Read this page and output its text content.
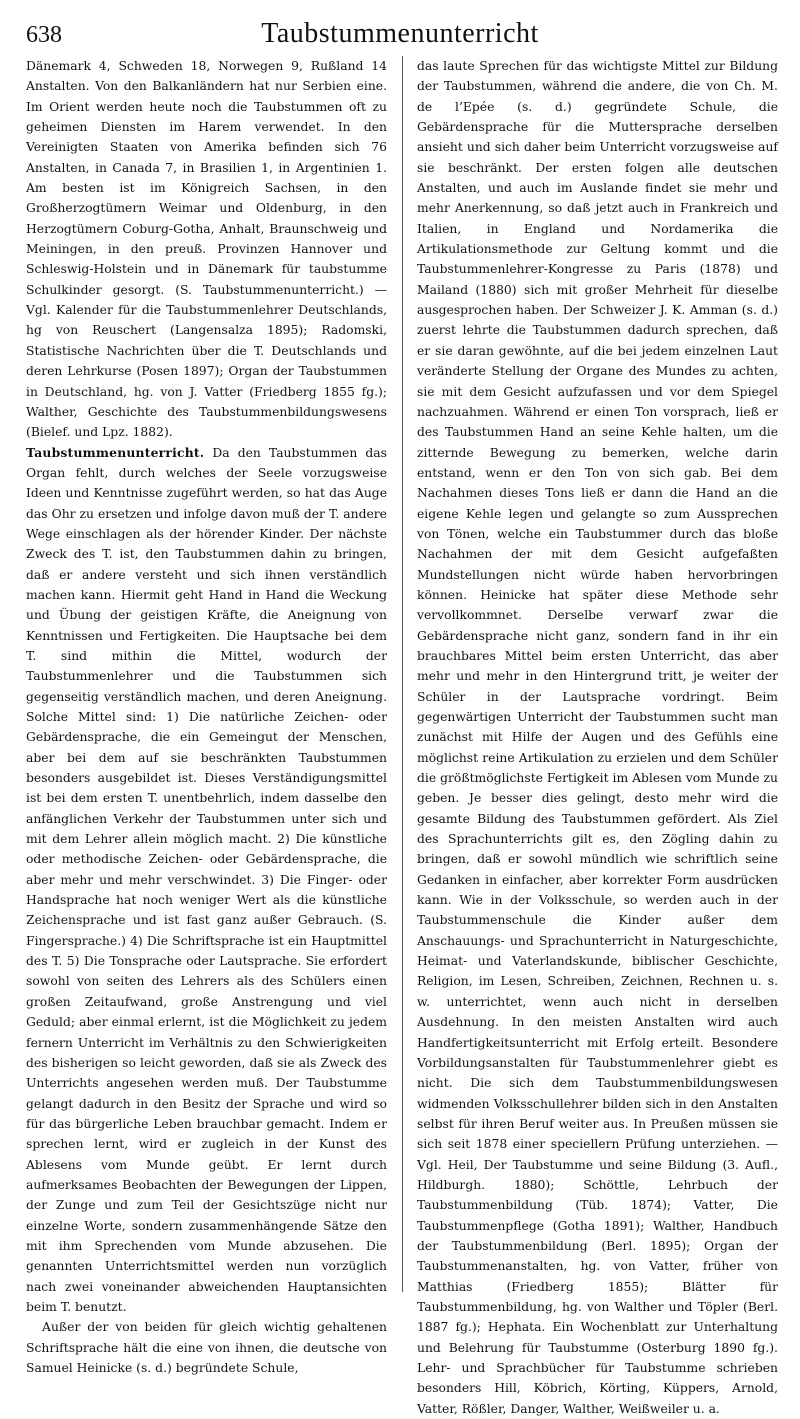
638	Taubstummenunterricht

Dänemark 4, Schweden 18, Norwegen 9, Rußland 14 Anstalten. Von den Balkanländern hat nur Serbien eine. Im Orient werden heute noch die Taubstummen oft zu geheimen Diensten im Harem verwendet. In den Vereinigten Staaten von Amerika befinden sich 76 Anstalten, in Canada 7, in Brasilien 1, in Argentinien 1. Am besten ist im Königreich Sachsen, in den Großherzogtümern Weimar und Oldenburg, in den Herzogtümern Coburg-Gotha, Anhalt, Braunschweig und Meiningen, in den preuß. Provinzen Hannover und Schleswig-Holstein und in Dänemark für taubstumme Schulkinder gesorgt. (S. Taubstummenunterricht.) — Vgl. Kalender für die Taubstummenlehrer Deutschlands, hg von Reuschert (Langensalza 1895); Radomski, Statistische Nachrichten über die T. Deutschlands und deren Lehrkurse (Posen 1897); Organ der Taubstummen in Deutschland, hg. von J. Vatter (Friedberg 1855 fg.); Walther, Geschichte des Taubstummenbildungswesens (Bielef. und Lpz. 1882).

Taubstummenunterricht. Da den Taubstummen das Organ fehlt, durch welches der Seele vorzugsweise Ideen und Kenntnisse zugeführt werden, so hat das Auge das Ohr zu ersetzen und infolge davon muß der T. andere Wege einschlagen als der hörender Kinder. Der nächste Zweck des T. ist, den Taubstummen dahin zu bringen, daß er andere versteht und sich ihnen verständlich machen kann. Hiermit geht Hand in Hand die Weckung und Übung der geistigen Kräfte, die Aneignung von Kenntnissen und Fertigkeiten. Die Hauptsache bei dem T. sind mithin die Mittel, wodurch der Taubstummenlehrer und die Taubstummen sich gegenseitig verständlich machen, und deren Aneignung. Solche Mittel sind: 1) Die natürliche Zeichen- oder Gebärdensprache, die ein Gemeingut der Menschen, aber bei dem auf sie beschränkten Taubstummen besonders ausgebildet ist. Dieses Verständigungsmittel ist bei dem ersten T. unentbehrlich, indem dasselbe den anfänglichen Verkehr der Taubstummen unter sich und mit dem Lehrer allein möglich macht. 2) Die künstliche oder methodische Zeichen- oder Gebärdensprache, die aber mehr und mehr verschwindet. 3) Die Finger- oder Handsprache hat noch weniger Wert als die künstliche Zeichensprache und ist fast ganz außer Gebrauch. (S. Fingersprache.) 4) Die Schriftsprache ist ein Hauptmittel des T. 5) Die Tonsprache oder Lautsprache. Sie erfordert sowohl von seiten des Lehrers als des Schülers einen großen Zeitaufwand, große Anstrengung und viel Geduld; aber einmal erlernt, ist die Möglichkeit zu jedem fernern Unterricht im Verhältnis zu den Schwierigkeiten des bisherigen so leicht geworden, daß sie als Zweck des Unterrichts angesehen werden muß. Der Taubstumme gelangt dadurch in den Besitz der Sprache und wird so für das bürgerliche Leben brauchbar gemacht. Indem er sprechen lernt, wird er zugleich in der Kunst des Ablesens vom Munde geübt. Er lernt durch aufmerksames Beobachten der Bewegungen der Lippen, der Zunge und zum Teil der Gesichtszüge nicht nur einzelne Worte, sondern zusammenhängende Sätze den mit ihm Sprechenden vom Munde abzusehen. Die genannten Unterrichtsmittel werden nun vorzüglich nach zwei voneinander abweichenden Hauptansichten beim T. benutzt.

Außer der von beiden für gleich wichtig gehaltenen Schriftsprache hält die eine von ihnen, die deutsche von Samuel Heinicke (s. d.) begründete Schule,

das laute Sprechen für das wichtigste Mittel zur Bildung der Taubstummen, während die andere, die von Ch. M. de l’Epée (s. d.) gegründete Schule, die Gebärdensprache für die Muttersprache derselben ansieht und sich daher beim Unterricht vorzugsweise auf sie beschränkt. Der ersten folgen alle deutschen Anstalten, und auch im Auslande findet sie mehr und mehr Anerkennung, so daß jetzt auch in Frankreich und Italien, in England und Nordamerika die Artikulationsmethode zur Geltung kommt und die Taubstummenlehrer-Kongresse zu Paris (1878) und Mailand (1880) sich mit großer Mehrheit für dieselbe ausgesprochen haben. Der Schweizer J. K. Amman (s. d.) zuerst lehrte die Taubstummen dadurch sprechen, daß er sie daran gewöhnte, auf die bei jedem einzelnen Laut veränderte Stellung der Organe des Mundes zu achten, sie mit dem Gesicht aufzufassen und vor dem Spiegel nachzuahmen. Während er einen Ton vorsprach, ließ er des Taubstummen Hand an seine Kehle halten, um die zitternde Bewegung zu bemerken, welche darin entstand, wenn er den Ton von sich gab. Bei dem Nachahmen dieses Tons ließ er dann die Hand an die eigene Kehle legen und gelangte so zum Aussprechen von Tönen, welche ein Taubstummer durch das bloße Nachahmen der mit dem Gesicht aufgefaßten Mundstellungen nicht würde haben hervorbringen können. Heinicke hat später diese Methode sehr vervollkommnet. Derselbe verwarf zwar die Gebärdensprache nicht ganz, sondern fand in ihr ein brauchbares Mittel beim ersten Unterricht, das aber mehr und mehr in den Hintergrund tritt, je weiter der Schüler in der Lautsprache vordringt. Beim gegenwärtigen Unterricht der Taubstummen sucht man zunächst mit Hilfe der Augen und des Gefühls eine möglichst reine Artikulation zu erzielen und dem Schüler die größtmöglichste Fertigkeit im Ablesen vom Munde zu geben. Je besser dies gelingt, desto mehr wird die gesamte Bildung des Taubstummen gefördert. Als Ziel des Sprachunterrichts gilt es, den Zögling dahin zu bringen, daß er sowohl mündlich wie schriftlich seine Gedanken in einfacher, aber korrekter Form ausdrücken kann. Wie in der Volksschule, so werden auch in der Taubstummenschule die Kinder außer dem Anschauungs- und Sprachunterricht in Naturgeschichte, Heimat- und Vaterlandskunde, biblischer Geschichte, Religion, im Lesen, Schreiben, Zeichnen, Rechnen u. s. w. unterrichtet, wenn auch nicht in derselben Ausdehnung. In den meisten Anstalten wird auch Handfertigkeitsunterricht mit Erfolg erteilt. Besondere Vorbildungsanstalten für Taubstummenlehrer giebt es nicht. Die sich dem Taubstummenbildungswesen widmenden Volksschullehrer bilden sich in den Anstalten selbst für ihren Beruf weiter aus. In Preußen müssen sie sich seit 1878 einer speciellern Prüfung unterziehen. — Vgl. Heil, Der Taubstumme und seine Bildung (3. Aufl., Hildburgh. 1880); Schöttle, Lehrbuch der Taubstummenbildung (Tüb. 1874); Vatter, Die Taubstummenpflege (Gotha 1891); Walther, Handbuch der Taubstummenbildung (Berl. 1895); Organ der Taubstummenanstalten, hg. von Vatter, früher von Matthias (Friedberg 1855); Blätter für Taubstummenbildung, hg. von Walther und Töpler (Berl. 1887 fg.); Hephata. Ein Wochenblatt zur Unterhaltung und Belehrung für Taubstumme (Osterburg 1890 fg.). Lehr- und Sprachbücher für Taubstumme schrieben besonders Hill, Köbrich, Körting, Küppers, Arnold, Vatter, Rößler, Danger, Walther, Weißweiler u. a.
